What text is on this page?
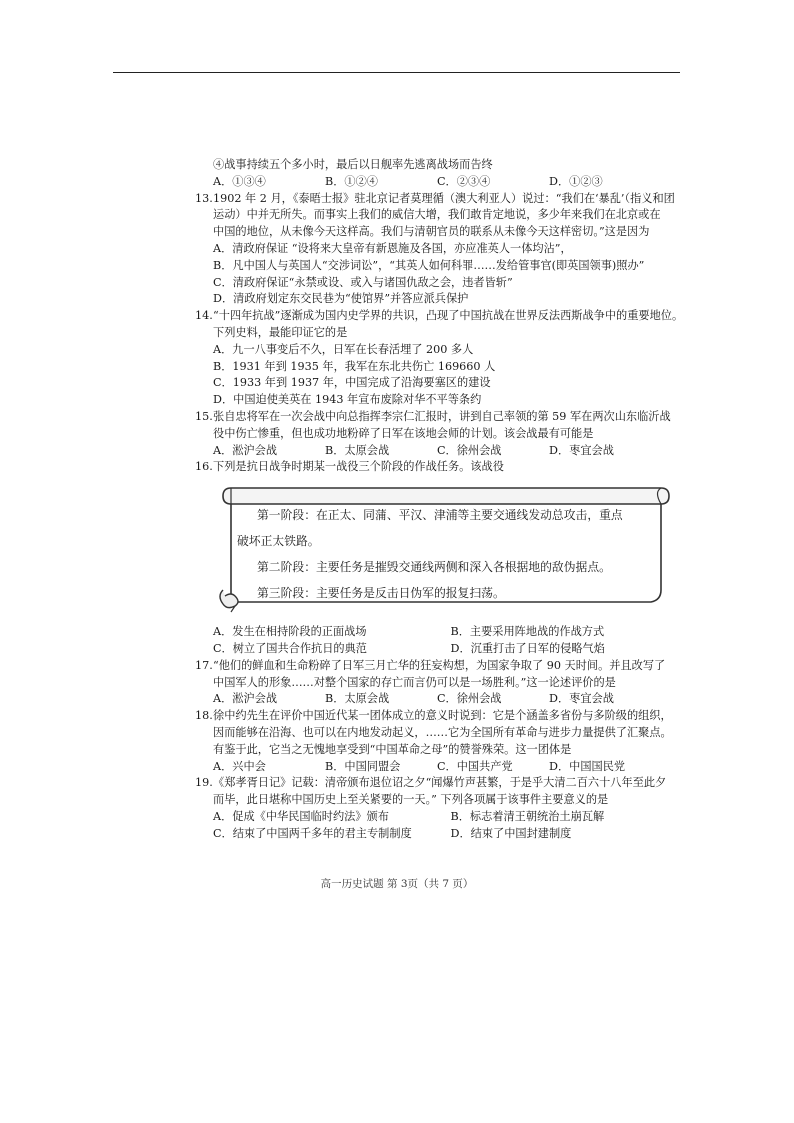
④战事持续五个多小时，最后以日舰率先逃离战场而告终
A．①③④	B．①②④	C．②③④	D．①②③
13. 1902 年 2 月，《泰晤士报》驻北京记者莫理循（澳大利亚人）说过：“我们在‘暴乱’（指义和团
运动）中并无所失。而事实上我们的威信大增，我们敢肯定地说，多少年来我们在北京或在
中国的地位，从未像今天这样高。我们与清朝官员的联系从未像今天这样密切。”这是因为
A．清政府保证 “设将来大皇帝有新恩施及各国，亦应准英人一体均沾”，
B．凡中国人与英国人“交涉词讼”，“其英人如何科罪……发给管事官(即英国领事)照办”
C．清政府保证“永禁或设、或入与诸国仇敌之会，违者皆斩”
D．清政府划定东交民巷为“使馆界”并答应派兵保护
14. “十四年抗战”逐渐成为国内史学界的共识，凸现了中国抗战在世界反法西斯战争中的重要地位。
下列史料，最能印证它的是
A．九一八事变后不久，日军在长春活埋了 200 多人
B．1931 年到 1935 年，我军在东北共伤亡 169660 人
C．1933 年到 1937 年，中国完成了沿海要塞区的建设
D．中国迫使美英在 1943 年宣布废除对华不平等条约
15. 张自忠将军在一次会战中向总指挥李宗仁汇报时，讲到自己率领的第 59 军在两次山东临沂战
役中伤亡惨重，但也成功地粉碎了日军在该地会师的计划。该会战最有可能是
A．淞沪会战	B．太原会战	C．徐州会战	D．枣宜会战
16. 下列是抗日战争时期某一战役三个阶段的作战任务。该战役
第一阶段：在正太、同蒲、平汉、津浦等主要交通线发动总攻击，重点
破坏正太铁路。
第二阶段：主要任务是摧毁交通线两侧和深入各根据地的敌伪据点。
第三阶段：主要任务是反击日伪军的报复扫荡。
A．发生在相持阶段的正面战场	B．主要采用阵地战的作战方式
C．树立了国共合作抗日的典范	D．沉重打击了日军的侵略气焰
17. “他们的鲜血和生命粉碎了日军三月亡华的狂妄构想，为国家争取了 90 天时间。并且改写了
中国军人的形象……对整个国家的存亡而言仍可以是一场胜利。”这一论述评价的是
A．淞沪会战	B．太原会战	C．徐州会战	D．枣宜会战
18. 徐中约先生在评价中国近代某一团体成立的意义时说到：它是个涵盖多省份与多阶级的组织，
因而能够在沿海、也可以在内地发动起义，……它为全国所有革命与进步力量提供了汇聚点。
有鉴于此，它当之无愧地享受到“中国革命之母”的赞誉殊荣。这一团体是
A．兴中会	B．中国同盟会	C．中国共产党	D．中国国民党
19. 《郑孝胥日记》记载：清帝颁布退位诏之夕“闻爆竹声甚繁，于是乎大清二百六十八年至此夕
而毕，此日堪称中国历史上至关紧要的一天。” 下列各项属于该事件主要意义的是
A．促成《中华民国临时约法》颁布	B．标志着清王朝统治土崩瓦解
C．结束了中国两千多年的君主专制制度	D．结束了中国封建制度
高一历史试题 第 3页（共 7 页）
